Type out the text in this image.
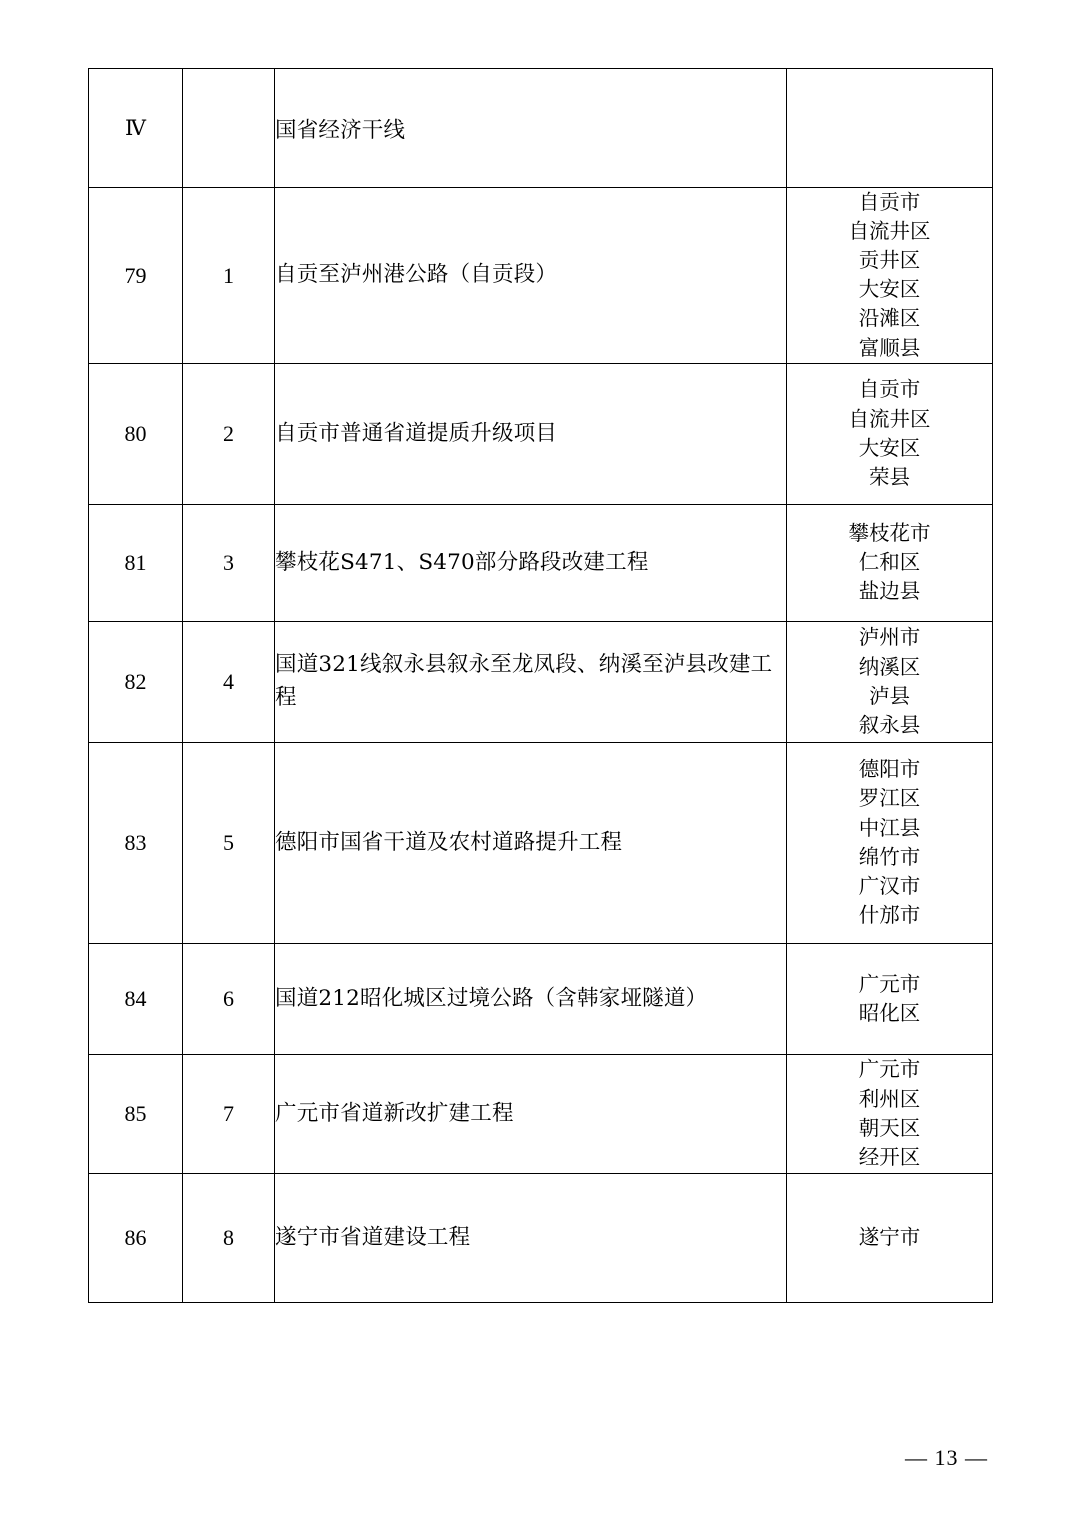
Ⅳ		国省经济干线	
79	1	自贡至泸州港公路（自贡段）	
自贡市
自流井区
贡井区
大安区
沿滩区
富顺县

80	2	自贡市普通省道提质升级项目	自贡市
自流井区
大安区
荣县

81	3	攀枝花S471、S470部分路段改建工程	攀枝花市
仁和区
盐边县

82	4	国道321线叙永县叙永至龙凤段、纳溪至泸县改建工程	泸州市
纳溪区
泸县
叙永县

83	5	德阳市国省干道及农村道路提升工程	
德阳市
罗江区
中江县
绵竹市
广汉市
什邡市

84	6	国道212昭化城区过境公路（含韩家垭隧道）	广元市
昭化区

85	7	广元市省道新改扩建工程	广元市
利州区
朝天区
经开区

86	8	遂宁市省道建设工程	遂宁市
— 13 —
